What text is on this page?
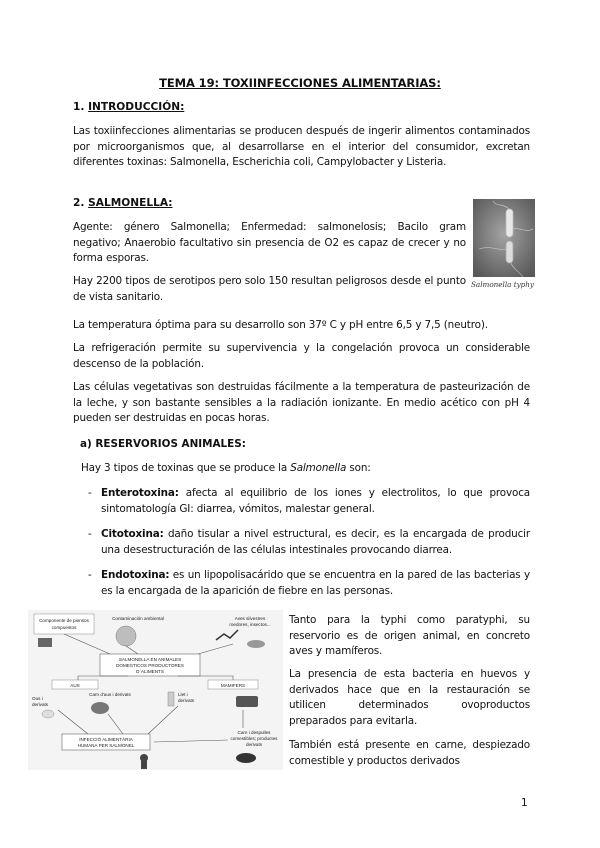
TEMA 19: TOXIINFECCIONES ALIMENTARIAS:
1. INTRODUCCIÓN:

Las toxiinfecciones alimentarias se producen después de ingerir alimentos contaminados por microorganismos que, al desarrollarse en el interior del consumidor, excretan diferentes toxinas: Salmonella, Escherichia coli, Campylobacter y Listeria.

2. SALMONELLA:

Agente: género Salmonella; Enfermedad: salmonelosis; Bacilo gram negativo; Anaerobio facultativo sin presencia de O2 es capaz de crecer y no forma esporas.

Hay 2200 tipos de serotipos pero solo 150 resultan peligrosos desde el punto de vista sanitario.

Salmonella typhy

La temperatura óptima para su desarrollo son 37º C y pH entre 6,5 y 7,5 (neutro).

La refrigeración permite su supervivencia y la congelación provoca un considerable descenso de la población.

Las células vegetativas son destruidas fácilmente a la temperatura de pasteurización de la leche, y son bastante sensibles a la radiación ionizante. En medio acético con pH 4 pueden ser destruidas en pocas horas.

a) RESERVORIOS ANIMALES:
Hay 3 tipos de toxinas que se produce la Salmonella son:
- Enterotoxina: afecta al equilibrio de los iones y electrolitos, lo que provoca sintomatología GI: diarrea, vómitos, malestar general.
- Citotoxina: daño tisular a nivel estructural, es decir, es la encargada de producir una desestructuración de las células intestinales provocando diarrea.
- Endotoxina: es un lipopolisacárido que se encuentra en la pared de las bacterias y es la encargada de la aparición de fiebre en las personas.
Componente de piensos
compuestos
Contaminación ambiental	Aves silvestres
roedores, insectos...
SALMONELLA EN ANIMALES
DOMESTICOS PRODUCTORES
D´ALIMENTS
AUS	MAMIFERS
Ous i
derivats
Carn d'aus i derivats	Llet i
derivats
INFECCIÓ ALIMENTÀRIA
HUMANA PER SALMONEL
Carn i despulles
comestibles; productes
derivats

Tanto para la typhi como paratyphi, su reservorio es de origen animal, en concreto aves y mamíferos.

La presencia de esta bacteria en huevos y derivados hace que en la restauración se utilicen determinados ovoproductos preparados para evitarla.

También está presente en carne, despiezado comestible y productos derivados

1
